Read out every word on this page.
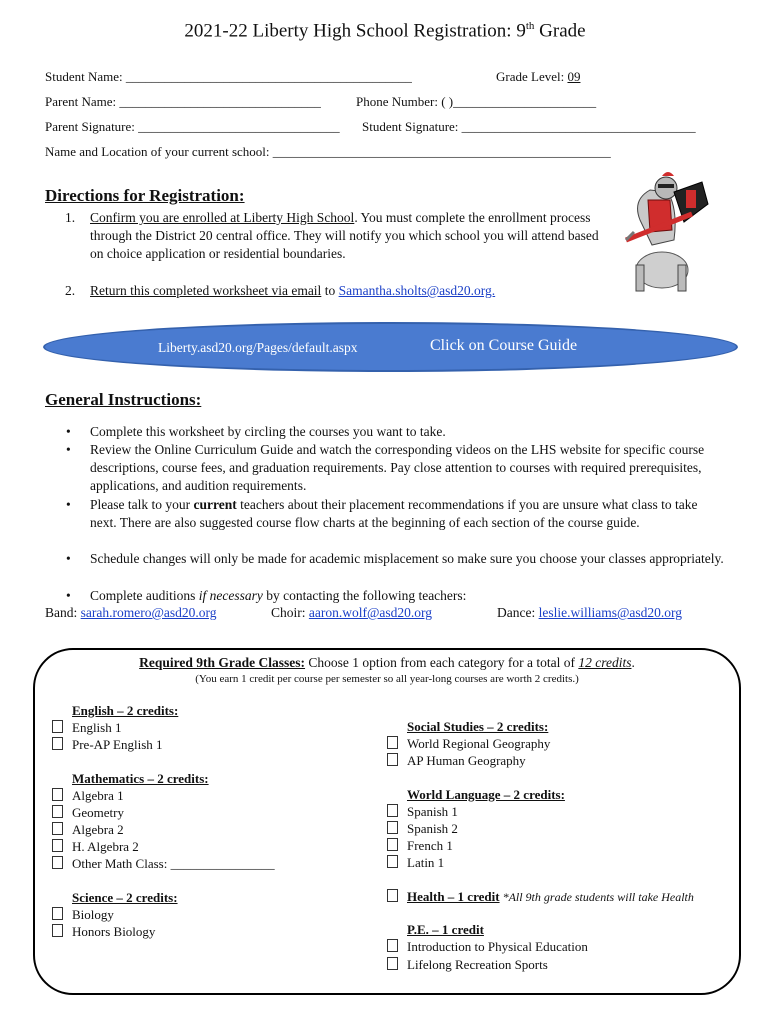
2021-22 Liberty High School Registration: 9th Grade
Student Name: ____________________________________________	Grade Level: 09
Parent Name: _______________________________	Phone Number: ( )______________________
Parent Signature: _______________________________ Student Signature: ____________________________________
Name and Location of your current school: ____________________________________________________
Directions for Registration:
1. Confirm you are enrolled at Liberty High School. You must complete the enrollment process through the District 20 central office. They will notify you which school you will attend based on choice application or residential boundaries.
2. Return this completed worksheet via email to Samantha.sholts@asd20.org.
Liberty.asd20.org/Pages/default.aspx	Click on Course Guide
General Instructions:
• Complete this worksheet by circling the courses you want to take.
• Review the Online Curriculum Guide and watch the corresponding videos on the LHS website for specific course descriptions, course fees, and graduation requirements. Pay close attention to courses with required prerequisites, applications, and audition requirements.
• Please talk to your current teachers about their placement recommendations if you are unsure what class to take next. There are also suggested course flow charts at the beginning of each section of the course guide.
• Schedule changes will only be made for academic misplacement so make sure you choose your classes appropriately.
• Complete auditions if necessary by contacting the following teachers:
Band: sarah.romero@asd20.org	Choir: aaron.wolf@asd20.org	Dance: leslie.williams@asd20.org
Required 9th Grade Classes: Choose 1 option from each category for a total of 12 credits.
(You earn 1 credit per course per semester so all year-long courses are worth 2 credits.)
English – 2 credits:
English 1
Pre-AP English 1
Mathematics – 2 credits:
Algebra 1
Geometry
Algebra 2
H. Algebra 2
Other Math Class: ________________
Science – 2 credits:
Biology
Honors Biology
Social Studies – 2 credits:
World Regional Geography
AP Human Geography
World Language – 2 credits:
Spanish 1
Spanish 2
French 1
Latin 1
Health – 1 credit *All 9th grade students will take Health
P.E. – 1 credit
Introduction to Physical Education
Lifelong Recreation Sports
